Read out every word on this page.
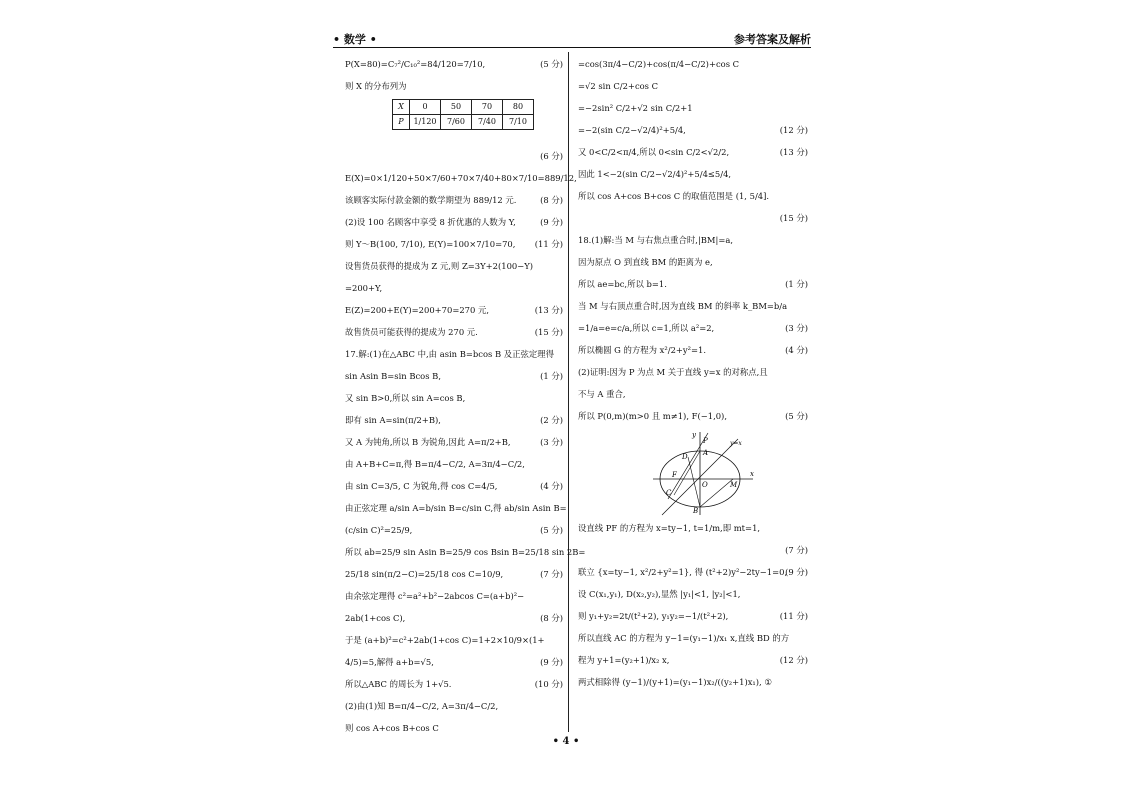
• 数学 •	参考答案及解析
P(X=80)=C₇²/C₁₀²=84/120=7/10,	(5 分)
则 X 的分布列为
X	0	50	70	80
P	1/120	7/60	7/40	7/10
(6 分)
E(X)=0×1/120+50×7/60+70×7/40+80×7/10=889/12,
该顾客实际付款金额的数学期望为 889/12 元.	(8 分)
(2)设 100 名顾客中享受 8 折优惠的人数为 Y,	(9 分)
则 Y～B(100, 7/10), E(Y)=100×7/10=70, (11 分)
设售货员获得的提成为 Z 元,则 Z=3Y+2(100−Y)
=200+Y,
E(Z)=200+E(Y)=200+70=270 元,	(13 分)
故售货员可能获得的提成为 270 元.	(15 分)
17.解:(1)在△ABC 中,由 asin B=bcos B 及正弦定理得
sin Asin B=sin Bcos B,	(1 分)
又 sin B>0,所以 sin A=cos B,
即有 sin A=sin(π/2+B),	(2 分)
又 A 为钝角,所以 B 为锐角,因此 A=π/2+B,	(3 分)
由 A+B+C=π,得 B=π/4−C/2, A=3π/4−C/2,
由 sin C=3/5, C 为锐角,得 cos C=4/5,	(4 分)
由正弦定理 a/sin A=b/sin B=c/sin C,得 ab/sin Asin B=
(c/sin C)²=25/9,	(5 分)
所以 ab=25/9 sin Asin B=25/9 cos Bsin B=25/18 sin 2B=
25/18 sin(π/2−C)=25/18 cos C=10/9,	(7 分)
由余弦定理得 c²=a²+b²−2abcos C=(a+b)²−
2ab(1+cos C),	(8 分)
于是 (a+b)²=c²+2ab(1+cos C)=1+2×10/9×(1+
4/5)=5,解得 a+b=√5,	(9 分)
所以△ABC 的周长为 1+√5.	(10 分)
(2)由(1)知 B=π/4−C/2, A=3π/4−C/2,
则 cos A+cos B+cos C
=cos(3π/4−C/2)+cos(π/4−C/2)+cos C
=√2 sin C/2+cos C
=−2sin² C/2+√2 sin C/2+1
=−2(sin C/2−√2/4)²+5/4,	(12 分)
又 0<C/2<π/4,所以 0<sin C/2<√2/2,	(13 分)
因此 1<−2(sin C/2−√2/4)²+5/4≤5/4,
所以 cos A+cos B+cos C 的取值范围是 (1, 5/4].
(15 分)
18.(1)解:当 M 与右焦点重合时,|BM|=a,
因为原点 O 到直线 BM 的距离为 e,
所以 ae=bc,所以 b=1.	(1 分)
当 M 与右顶点重合时,因为直线 BM 的斜率 k_BM=b/a
=1/a=e=c/a,所以 c=1,所以 a²=2,	(3 分)
所以椭圆 G 的方程为 x²/2+y²=1.	(4 分)
(2)证明:因为 P 为点 M 关于直线 y=x 的对称点,且
不与 A 重合,
所以 P(0,m)(m>0 且 m≠1), F(−1,0),	(5 分)
y
y=x
x
O	M
P
A
D
F
C
B
设直线 PF 的方程为 x=ty−1, t=1/m,即 mt=1,
(7 分)
联立 {x=ty−1, x²/2+y²=1}, 得 (t²+2)y²−2ty−1=0,
(9 分)
设 C(x₁,y₁), D(x₂,y₂),显然 |y₁|<1, |y₂|<1,
则 y₁+y₂=2t/(t²+2), y₁y₂=−1/(t²+2),	(11 分)
所以直线 AC 的方程为 y−1=(y₁−1)/x₁ x,直线 BD 的方
程为 y+1=(y₂+1)/x₂ x,	(12 分)
两式相除得 (y−1)/(y+1)=(y₁−1)x₂/((y₂+1)x₁), ①
• 4 •
